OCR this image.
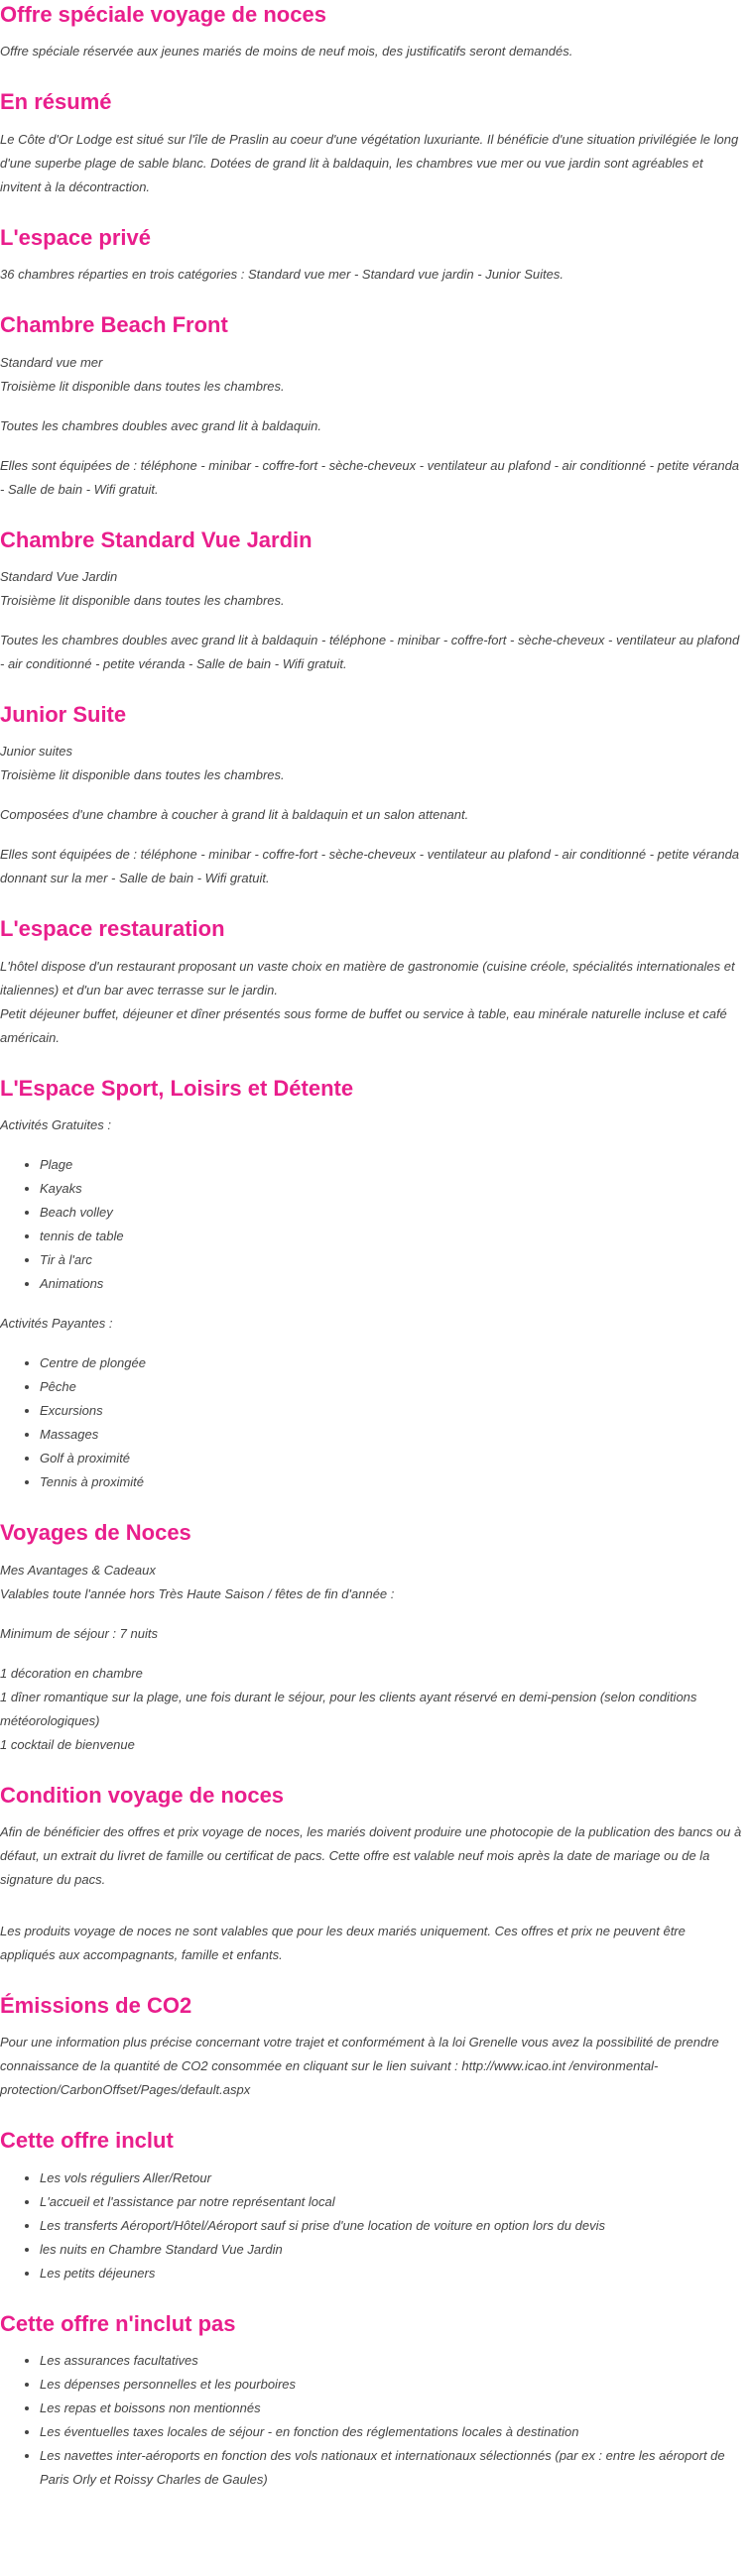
Offre spéciale voyage de noces

Offre spéciale réservée aux jeunes mariés de moins de neuf mois, des justificatifs seront demandés.

En résumé

Le Côte d'Or Lodge est situé sur l'île de Praslin au coeur d'une végétation luxuriante. Il bénéficie d'une situation privilégiée le long d'une superbe plage de sable blanc. Dotées de grand lit à baldaquin, les chambres vue mer ou vue jardin sont agréables et invitent à la décontraction.

L'espace privé

36 chambres réparties en trois catégories : Standard vue mer - Standard vue jardin - Junior Suites.

Chambre Beach Front

Standard vue mer
Troisième lit disponible dans toutes les chambres.

Toutes les chambres doubles avec grand lit à baldaquin.

Elles sont équipées de : téléphone - minibar - coffre-fort - sèche-cheveux - ventilateur au plafond - air conditionné - petite véranda - Salle de bain - Wifi gratuit.

Chambre Standard Vue Jardin

Standard Vue Jardin
Troisième lit disponible dans toutes les chambres.

Toutes les chambres doubles avec grand lit à baldaquin - téléphone - minibar - coffre-fort - sèche-cheveux - ventilateur au plafond - air conditionné - petite véranda - Salle de bain - Wifi gratuit.

Junior Suite

Junior suites
Troisième lit disponible dans toutes les chambres.

Composées d'une chambre à coucher à grand lit à baldaquin et un salon attenant.

Elles sont équipées de : téléphone - minibar - coffre-fort - sèche-cheveux - ventilateur au plafond - air conditionné - petite véranda donnant sur la mer - Salle de bain - Wifi gratuit.

L'espace restauration

L'hôtel dispose d'un restaurant proposant un vaste choix en matière de gastronomie (cuisine créole, spécialités internationales et italiennes) et d'un bar avec terrasse sur le jardin.
Petit déjeuner buffet, déjeuner et dîner présentés sous forme de buffet ou service à table, eau minérale naturelle incluse et café américain.

L'Espace Sport, Loisirs et Détente

Activités Gratuites :

• Plage
• Kayaks
• Beach volley
• tennis de table
• Tir à l'arc
• Animations

Activités Payantes :

• Centre de plongée
• Pêche
• Excursions
• Massages
• Golf à proximité
• Tennis à proximité
Voyages de Noces

Mes Avantages & Cadeaux
Valables toute l'année hors Très Haute Saison / fêtes de fin d'année :

Minimum de séjour : 7 nuits

1 décoration en chambre
1 dîner romantique sur la plage, une fois durant le séjour, pour les clients ayant réservé en demi-pension (selon conditions météorologiques)
1 cocktail de bienvenue

Condition voyage de noces

Afin de bénéficier des offres et prix voyage de noces, les mariés doivent produire une photocopie de la publication des bancs ou à défaut, un extrait du livret de famille ou certificat de pacs. Cette offre est valable neuf mois après la date de mariage ou de la signature du pacs.

Les produits voyage de noces ne sont valables que pour les deux mariés uniquement. Ces offres et prix ne peuvent être appliqués aux accompagnants, famille et enfants.

Émissions de CO2

Pour une information plus précise concernant votre trajet et conformément à la loi Grenelle vous avez la possibilité de prendre connaissance de la quantité de CO2 consommée en cliquant sur le lien suivant : http://www.icao.int /environmental-protection/CarbonOffset/Pages/default.aspx

Cette offre inclut
• Les vols réguliers Aller/Retour
• L'accueil et l'assistance par notre représentant local
• Les transferts Aéroport/Hôtel/Aéroport sauf si prise d'une location de voiture en option lors du devis
• les nuits en Chambre Standard Vue Jardin
• Les petits déjeuners
Cette offre n'inclut pas
• Les assurances facultatives
• Les dépenses personnelles et les pourboires
• Les repas et boissons non mentionnés
• Les éventuelles taxes locales de séjour - en fonction des réglementations locales à destination
• Les navettes inter-aéroports en fonction des vols nationaux et internationaux sélectionnés (par ex : entre les aéroport de Paris Orly et Roissy Charles de Gaules)
